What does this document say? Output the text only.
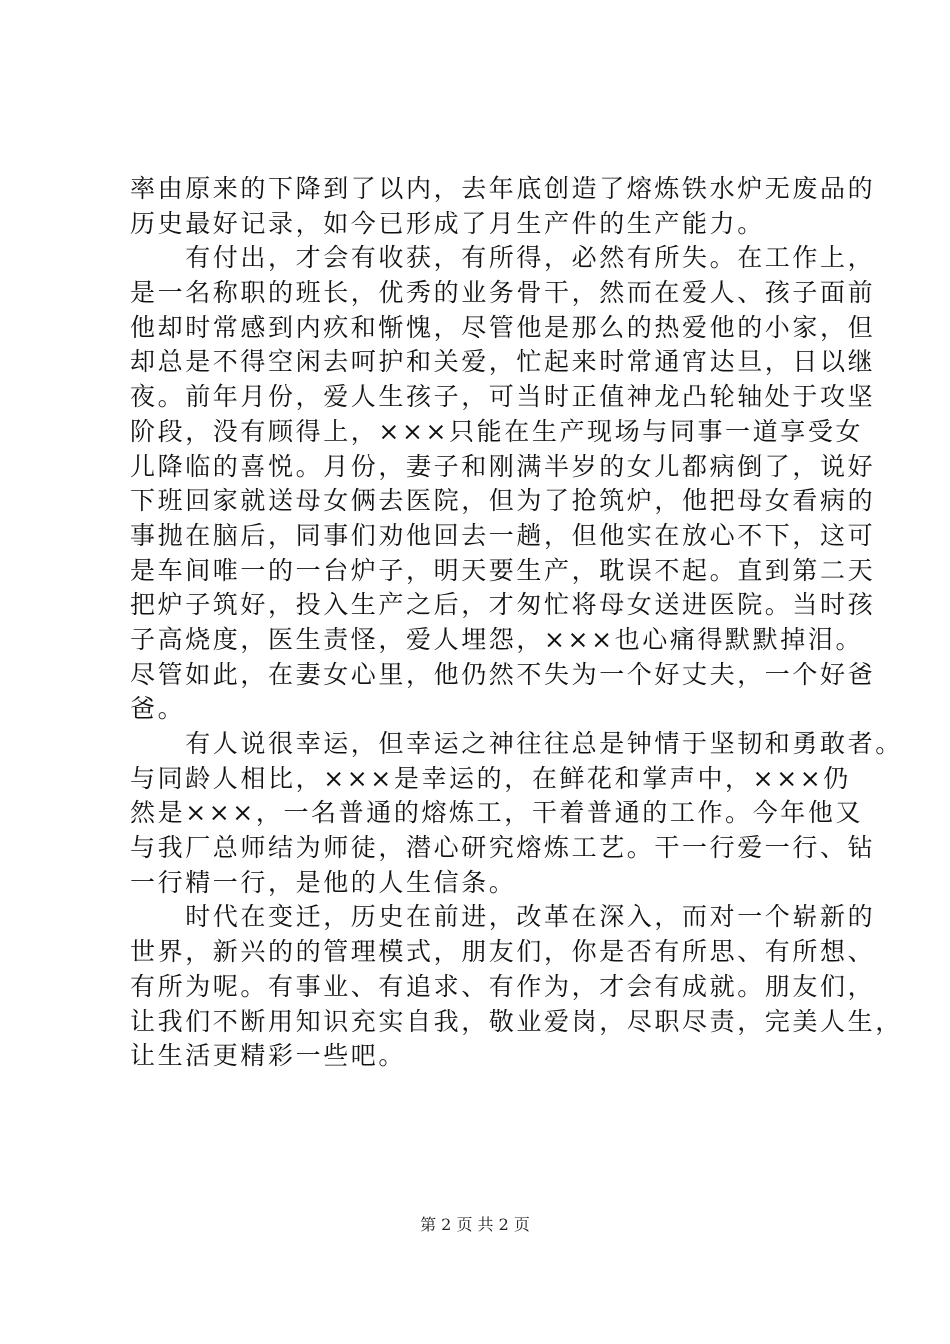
率由原来的下降到了以内，去年底创造了熔炼铁水炉无废品的
历史最好记录，如今已形成了月生产件的生产能力。
　　有付出，才会有收获，有所得，必然有所失。在工作上，
是一名称职的班长，优秀的业务骨干，然而在爱人、孩子面前
他却时常感到内疚和惭愧，尽管他是那么的热爱他的小家，但
却总是不得空闲去呵护和关爱，忙起来时常通宵达旦，日以继
夜。前年月份，爱人生孩子，可当时正值神龙凸轮轴处于攻坚
阶段，没有顾得上，×××只能在生产现场与同事一道享受女
儿降临的喜悦。月份，妻子和刚满半岁的女儿都病倒了，说好
下班回家就送母女俩去医院，但为了抢筑炉，他把母女看病的
事抛在脑后，同事们劝他回去一趟，但他实在放心不下，这可
是车间唯一的一台炉子，明天要生产，耽误不起。直到第二天
把炉子筑好，投入生产之后，才匆忙将母女送进医院。当时孩
子高烧度，医生责怪，爱人埋怨，×××也心痛得默默掉泪。
尽管如此，在妻女心里，他仍然不失为一个好丈夫，一个好爸
爸。
　　有人说很幸运，但幸运之神往往总是钟情于坚韧和勇敢者。
与同龄人相比，×××是幸运的，在鲜花和掌声中，×××仍
然是×××，一名普通的熔炼工，干着普通的工作。今年他又
与我厂总师结为师徒，潜心研究熔炼工艺。干一行爱一行、钻
一行精一行，是他的人生信条。
　　时代在变迁，历史在前进，改革在深入，而对一个崭新的
世界，新兴的的管理模式，朋友们，你是否有所思、有所想、
有所为呢。有事业、有追求、有作为，才会有成就。朋友们，
让我们不断用知识充实自我，敬业爱岗，尽职尽责，完美人生，
让生活更精彩一些吧。
第 2 页 共 2 页
